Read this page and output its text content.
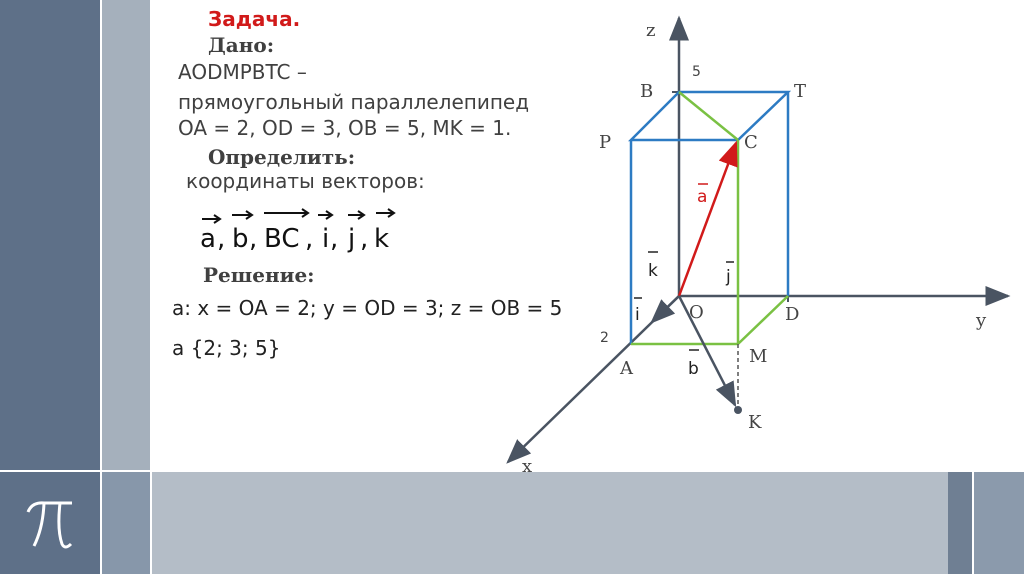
Задача.
Дано:
AODMPBTC –
прямоугольный параллелепипед
OA = 2, OD = 3, OB = 5, MK = 1.
Определить:
координаты векторов:
a , b , BC , i , j , k
Решение:
a: x = OA = 2; y = OD = 3; z = OB = 5
a {2; 3; 5}
z
y
x
B	T
P	C
O	D
A
M
K
5
2
a
k	j
i
b
